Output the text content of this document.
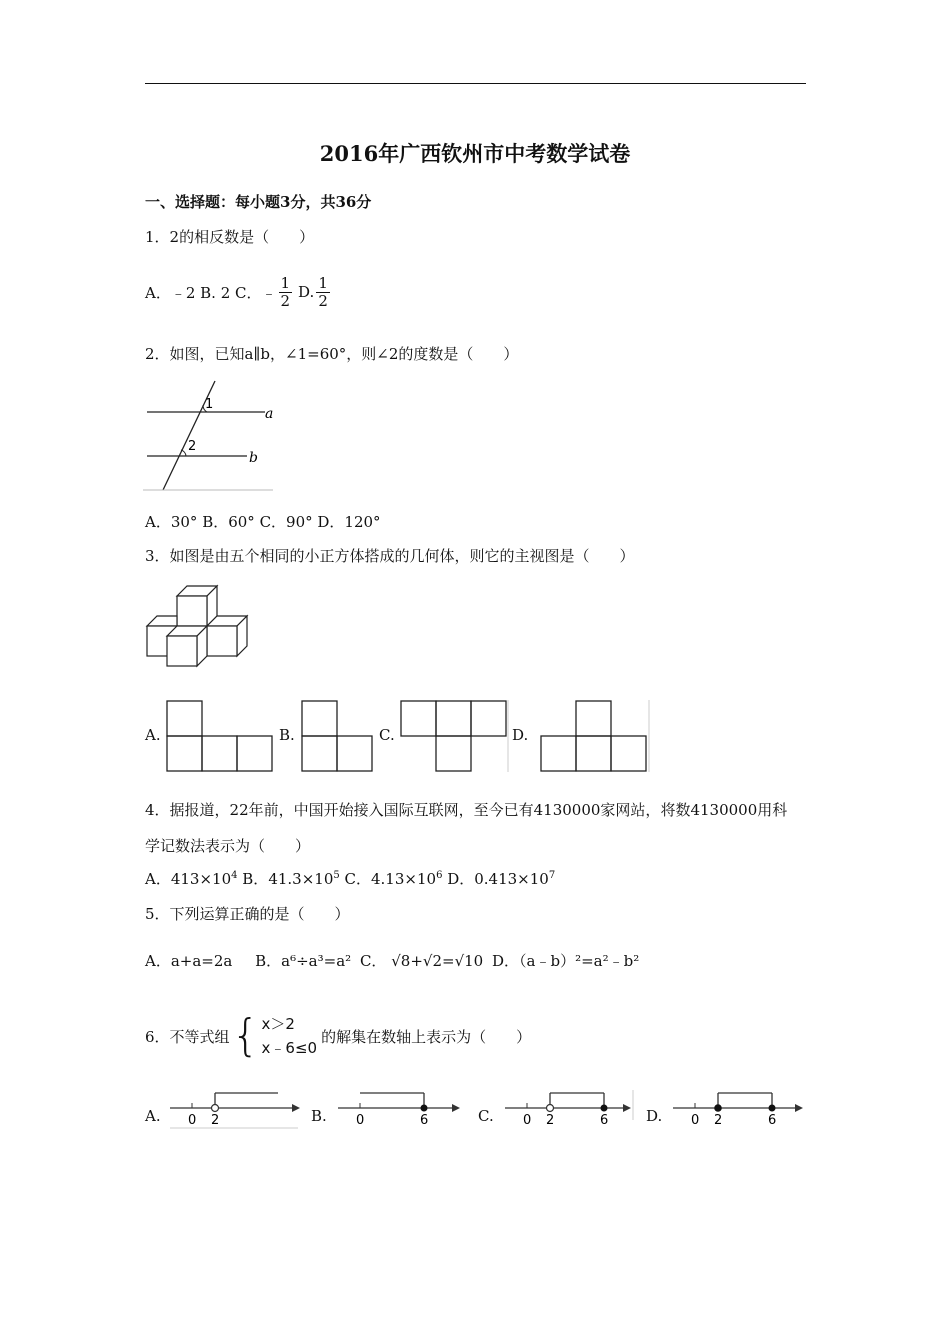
2016年广西钦州市中考数学试卷
一、选择题：每小题3分，共36分
1．2的相反数是（　　）
A．﹣2 B. 2 C．﹣ $\frac{1}{2} D$. $\frac{1}{2}$
2．如图，已知a∥b，∠1=60°，则∠2的度数是（　　）
1
2
a
b
A．30° B．60° C．90° D．120°
3．如图是由五个相同的小正方体搭成的几何体，则它的主视图是（　　）
A.	B.	C.	D.
4．据报道，22年前，中国开始接入国际互联网，至今已有4130000家网站，将数4130000用科
学记数法表示为（　　）
A．$413\times 10^4$ B．$41.3\times 10^5$ C．$4.13\times 10^6$ D．$0.413\times 10^7$
5．下列运算正确的是（　　）
A．a+a=2a B．a⁶÷a³=a² C． √8+√2=√10 D．（a﹣b）²=a²﹣b²
6．不等式组 { x＞2
x﹣6≤0
的解集在数轴上表示为（　　）
A. 0 2	B. 0	6	C. 0 2	6	D. 0 2	6
